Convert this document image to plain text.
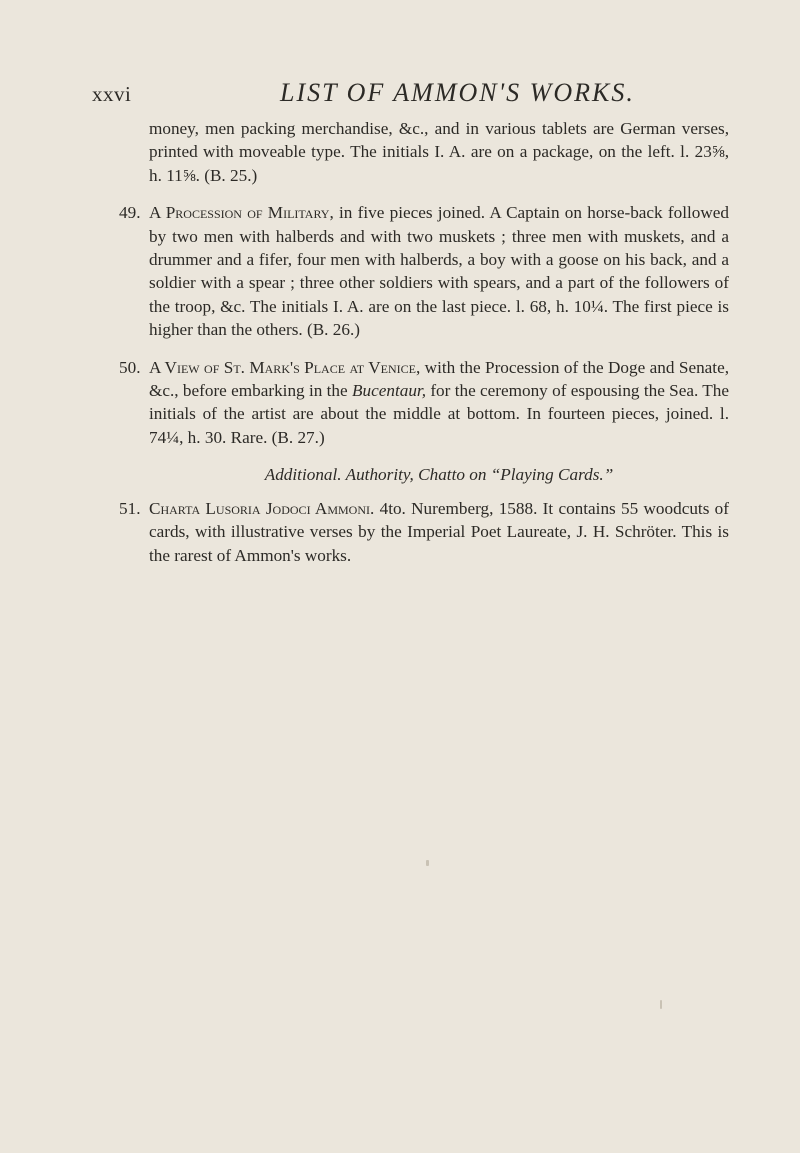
xxvi	LIST OF AMMON'S WORKS.

money, men packing merchandise, &c., and in various tablets are German verses, printed with moveable type. The initials I. A. are on a package, on the left. l. 23⅝, h. 11⅝. (B. 25.)

49. A Procession of Military, in five pieces joined. A Captain on horse-back followed by two men with halberds and with two muskets ; three men with muskets, and a drummer and a fifer, four men with halberds, a boy with a goose on his back, and a soldier with a spear ; three other soldiers with spears, and a part of the followers of the troop, &c. The initials I. A. are on the last piece. l. 68, h. 10¼. The first piece is higher than the others. (B. 26.)

50. A View of St. Mark's Place at Venice, with the Procession of the Doge and Senate, &c., before embarking in the Bucentaur, for the ceremony of espousing the Sea. The initials of the artist are about the middle at bottom. In fourteen pieces, joined. l. 74¼, h. 30. Rare. (B. 27.)

Additional. Authority, Chatto on “Playing Cards.”

51. Charta Lusoria Jodoci Ammoni. 4to. Nuremberg, 1588. It contains 55 woodcuts of cards, with illustrative verses by the Imperial Poet Laureate, J. H. Schröter. This is the rarest of Ammon's works.
